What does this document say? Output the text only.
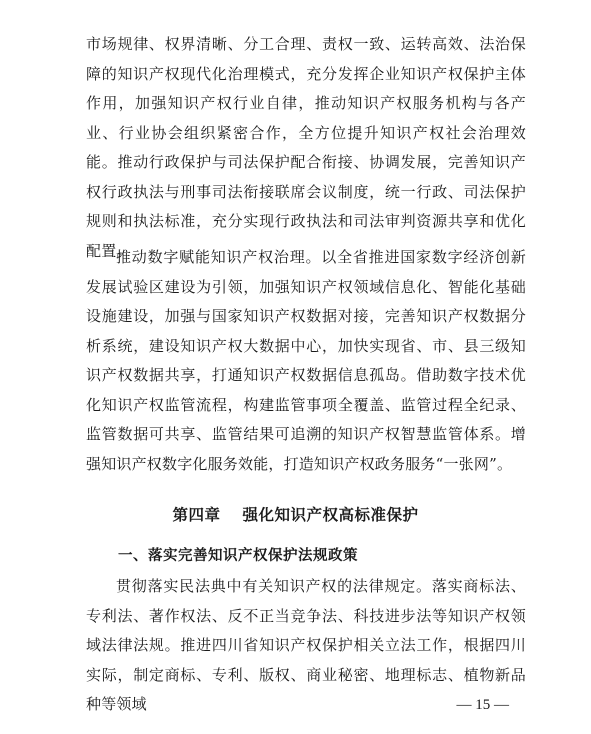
市场规律、权界清晰、分工合理、责权一致、运转高效、法治保障的知识产权现代化治理模式，充分发挥企业知识产权保护主体作用，加强知识产权行业自律，推动知识产权服务机构与各产业、行业协会组织紧密合作，全方位提升知识产权社会治理效能。推动行政保护与司法保护配合衔接、协调发展，完善知识产权行政执法与刑事司法衔接联席会议制度，统一行政、司法保护规则和执法标准，充分实现行政执法和司法审判资源共享和优化配置。

推动数字赋能知识产权治理。以全省推进国家数字经济创新发展试验区建设为引领，加强知识产权领域信息化、智能化基础设施建设，加强与国家知识产权数据对接，完善知识产权数据分析系统，建设知识产权大数据中心，加快实现省、市、县三级知识产权数据共享，打通知识产权数据信息孤岛。借助数字技术优化知识产权监管流程，构建监管事项全覆盖、监管过程全纪录、监管数据可共享、监管结果可追溯的知识产权智慧监管体系。增强知识产权数字化服务效能，打造知识产权政务服务“一张网”。

第四章 强化知识产权高标准保护
一、落实完善知识产权保护法规政策

贯彻落实民法典中有关知识产权的法律规定。落实商标法、专利法、著作权法、反不正当竞争法、科技进步法等知识产权领域法律法规。推进四川省知识产权保护相关立法工作，根据四川实际，制定商标、专利、版权、商业秘密、地理标志、植物新品种等领域	— 15 —
